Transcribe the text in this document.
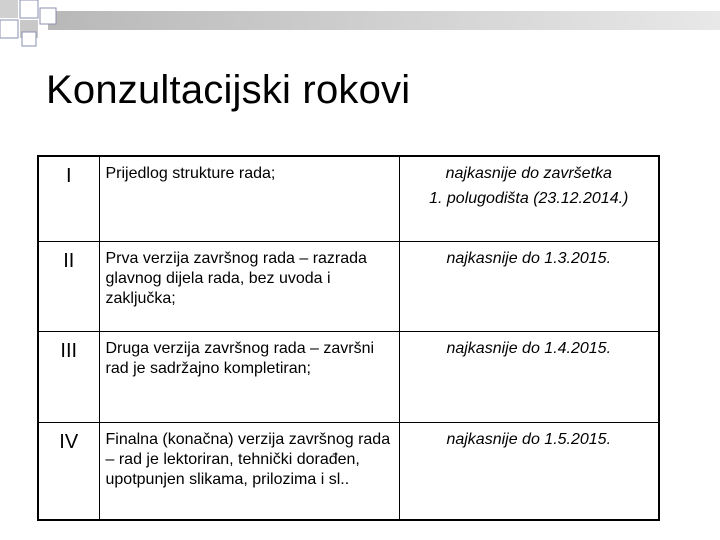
Konzultacijski rokovi
I	Prijedlog strukture rada;	najkasnije do završetka
1. polugodišta (23.12.2014.)

II	Prva verzija završnog rada – razrada glavnog dijela rada, bez uvoda i zaključka;	najkasnije do 1.3.2015.

III	Druga verzija završnog rada – završni rad je sadržajno kompletiran;	najkasnije do 1.4.2015.

IV	Finalna (konačna) verzija završnog rada – rad je lektoriran, tehnički dorađen, upotpunjen slikama, prilozima i sl..	najkasnije do 1.5.2015.
